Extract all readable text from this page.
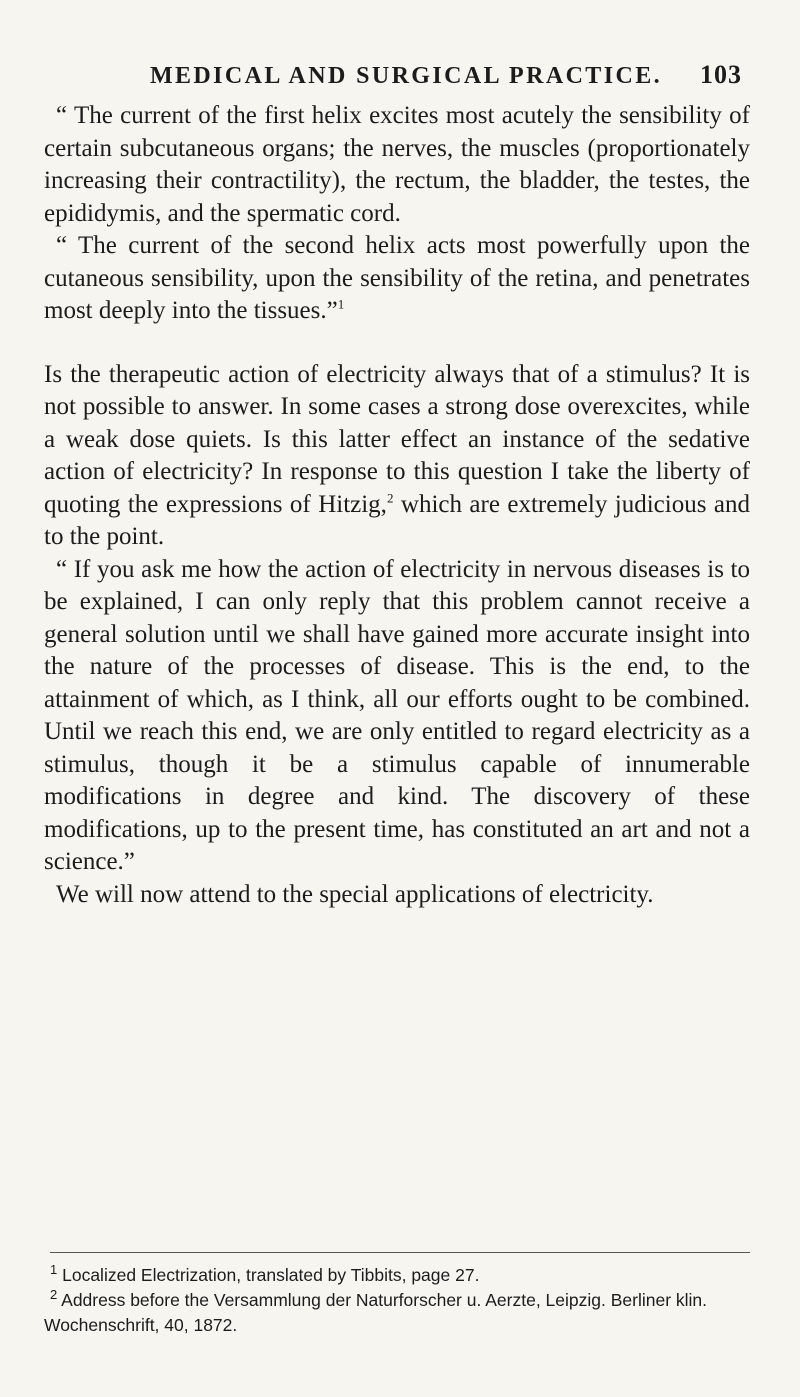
MEDICAL AND SURGICAL PRACTICE. 103

“ The current of the first helix excites most acutely the sensibility of certain subcutaneous organs; the nerves, the muscles (proportionately increasing their contractility), the rectum, the bladder, the testes, the epididymis, and the spermatic cord.

“ The current of the second helix acts most powerfully upon the cutaneous sensibility, upon the sensibility of the retina, and penetrates most deeply into the tissues.”$^1$

Is the therapeutic action of electricity always that of a stimulus? It is not possible to answer. In some cases a strong dose overexcites, while a weak dose quiets. Is this latter effect an instance of the sedative action of electricity? In response to this question I take the liberty of quoting the expressions of Hitzig,$^2$ which are extremely judicious and to the point.

“ If you ask me how the action of electricity in nervous diseases is to be explained, I can only reply that this problem cannot receive a general solution until we shall have gained more accurate insight into the nature of the processes of disease. This is the end, to the attainment of which, as I think, all our efforts ought to be combined. Until we reach this end, we are only entitled to regard electricity as a stimulus, though it be a stimulus capable of innumerable modifications in degree and kind. The discovery of these modifications, up to the present time, has constituted an art and not a science.”

We will now attend to the special applications of electricity.

$^1$ Localized Electrization, translated by Tibbits, page 27.

$^2$ Address before the Versammlung der Naturforscher u. Aerzte, Leipzig. Berliner klin. Wochenschrift, 40, 1872.
